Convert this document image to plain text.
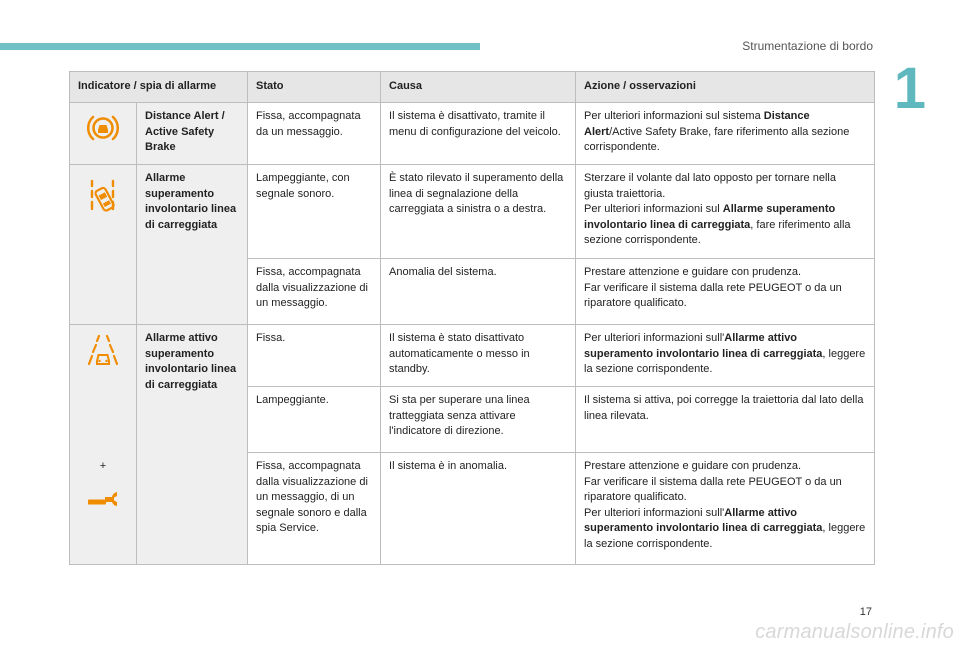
Strumentazione di bordo
1
Indicatore / spia di allarme		Stato	Causa	Azione / osservazioni
	Distance Alert / Active Safety Brake	Fissa, accompagnata da un messaggio.	Il sistema è disattivato, tramite il menu di configurazione del veicolo.	Per ulteriori informazioni sul sistema Distance Alert/Active Safety Brake, fare riferimento alla sezione corrispondente.
	Allarme superamento involontario linea di carreggiata	Lampeggiante, con segnale sonoro.	È stato rilevato il superamento della linea di segnalazione della carreggiata a sinistra o a destra.	Sterzare il volante dal lato opposto per tornare nella giusta traiettoria.
Per ulteriori informazioni sul Allarme superamento involontario linea di carreggiata, fare riferimento alla sezione corrispondente.
		Fissa, accompagnata dalla visualizzazione di un messaggio.	Anomalia del sistema.	Prestare attenzione e guidare con prudenza.
Far verificare il sistema dalla rete PEUGEOT o da un riparatore qualificato.

+	Allarme attivo superamento involontario linea di carreggiata	Fissa.	Il sistema è stato disattivato automaticamente o messo in standby.	Per ulteriori informazioni sull'Allarme attivo superamento involontario linea di carreggiata, leggere la sezione corrispondente.
		Lampeggiante.	Si sta per superare una linea tratteggiata senza attivare l'indicatore di direzione.	Il sistema si attiva, poi corregge la traiettoria dal lato della linea rilevata.
		Fissa, accompagnata dalla visualizzazione di un messaggio, di un segnale sonoro e dalla spia Service.	Il sistema è in anomalia.	Prestare attenzione e guidare con prudenza.
Far verificare il sistema dalla rete PEUGEOT o da un riparatore qualificato.
Per ulteriori informazioni sull'Allarme attivo superamento involontario linea di carreggiata, leggere la sezione corrispondente.
17
carmanualsonline.info
